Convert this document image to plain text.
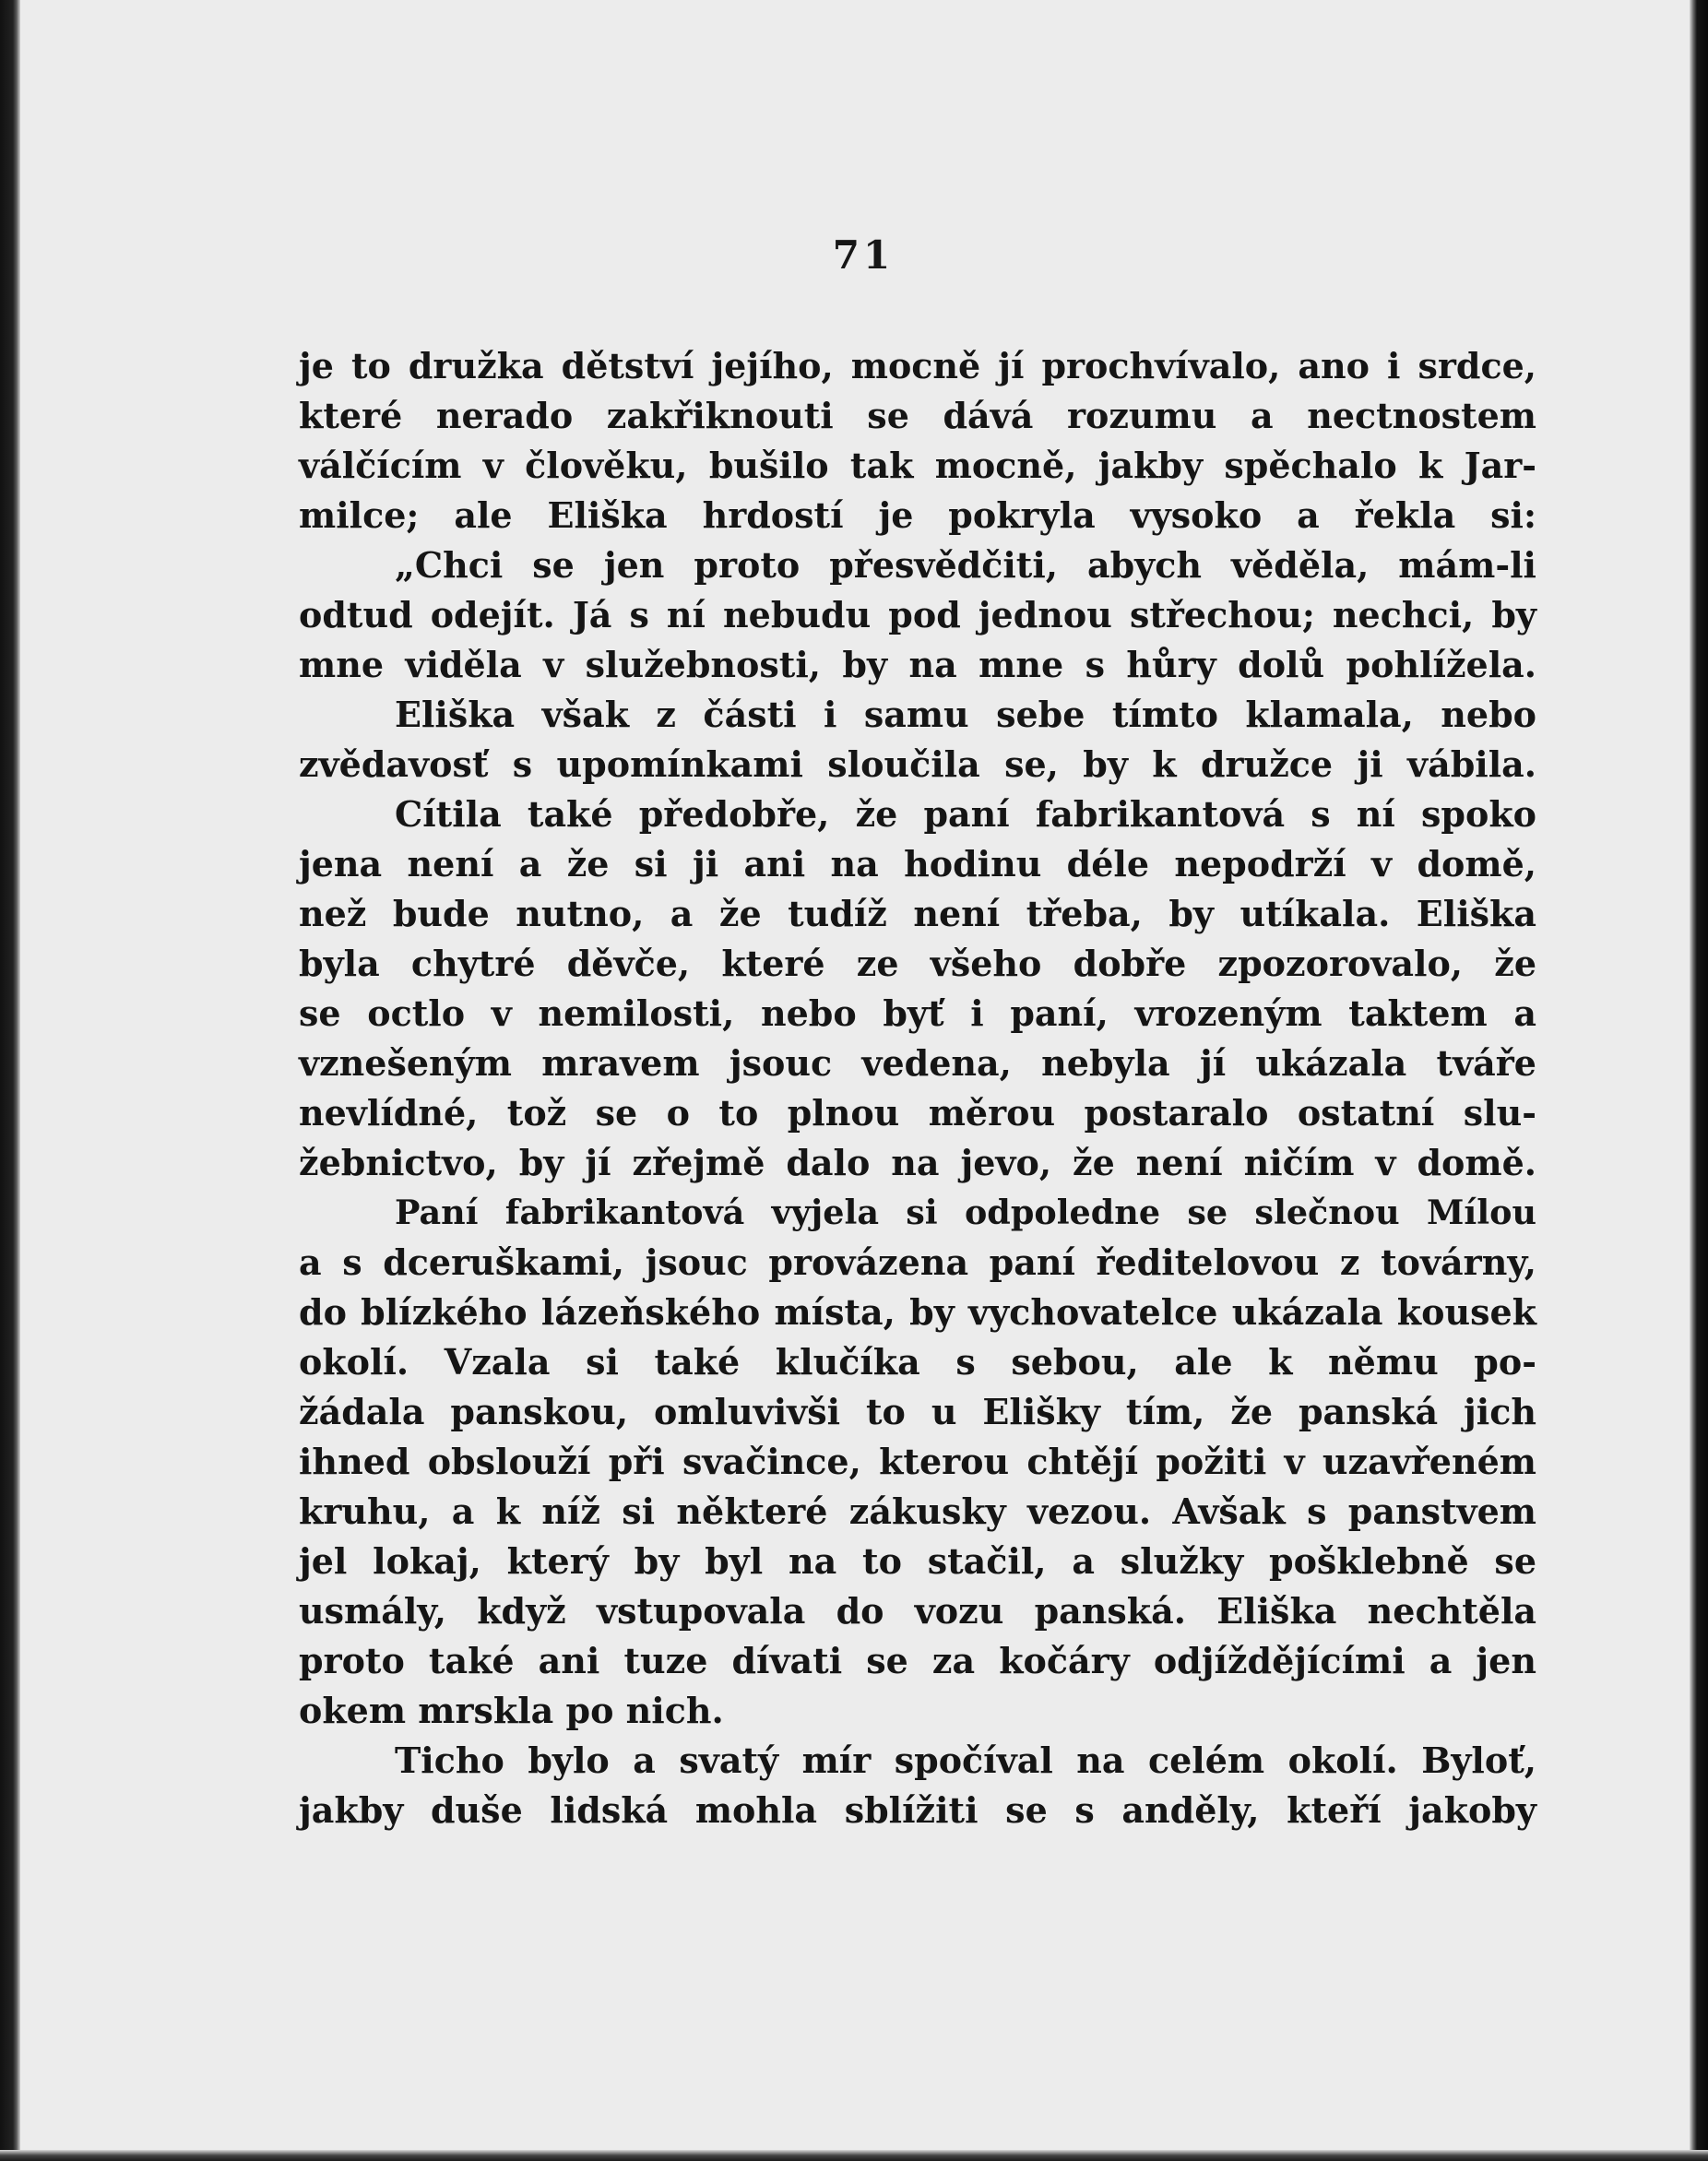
71
je to družka dětství jejího, mocně jí prochvívalo, ano i srdce,
které nerado zakřiknouti se dává rozumu a nectnostem
válčícím v člověku, bušilo tak mocně, jakby spěchalo k Jar-
milce; ale Eliška hrdostí je pokryla vysoko a řekla si:
„Chci se jen proto přesvědčiti, abych věděla, mám-li
odtud odejít. Já s ní nebudu pod jednou střechou; nechci, by
mne viděla v služebnosti, by na mne s hůry dolů pohlížela.
Eliška však z části i samu sebe tímto klamala, nebo
zvědavosť s upomínkami sloučila se, by k družce ji vábila.
Cítila také předobře, že paní fabrikantová s ní spoko
jena není a že si ji ani na hodinu déle nepodrží v domě,
než bude nutno, a že tudíž není třeba, by utíkala. Eliška
byla chytré děvče, které ze všeho dobře zpozorovalo, že
se octlo v nemilosti, nebo byť i paní, vrozeným taktem a
vznešeným mravem jsouc vedena, nebyla jí ukázala tváře
nevlídné, tož se o to plnou měrou postaralo ostatní slu-
žebnictvo, by jí zřejmě dalo na jevo, že není ničím v domě.
Paní fabrikantová vyjela si odpoledne se slečnou Mílou
a s dceruškami, jsouc provázena paní ředitelovou z továrny,
do blízkého lázeňského místa, by vychovatelce ukázala kousek
okolí. Vzala si také klučíka s sebou, ale k němu po-
žádala panskou, omluvivši to u Elišky tím, že panská jich
ihned obslouží při svačince, kterou chtějí požiti v uzavřeném
kruhu, a k níž si některé zákusky vezou. Avšak s panstvem
jel lokaj, který by byl na to stačil, a služky pošklebně se
usmály, když vstupovala do vozu panská. Eliška nechtěla
proto také ani tuze dívati se za kočáry odjíždějícími a jen
okem mrskla po nich.
Ticho bylo a svatý mír spočíval na celém okolí. Byloť,
jakby duše lidská mohla sblížiti se s anděly, kteří jakoby
